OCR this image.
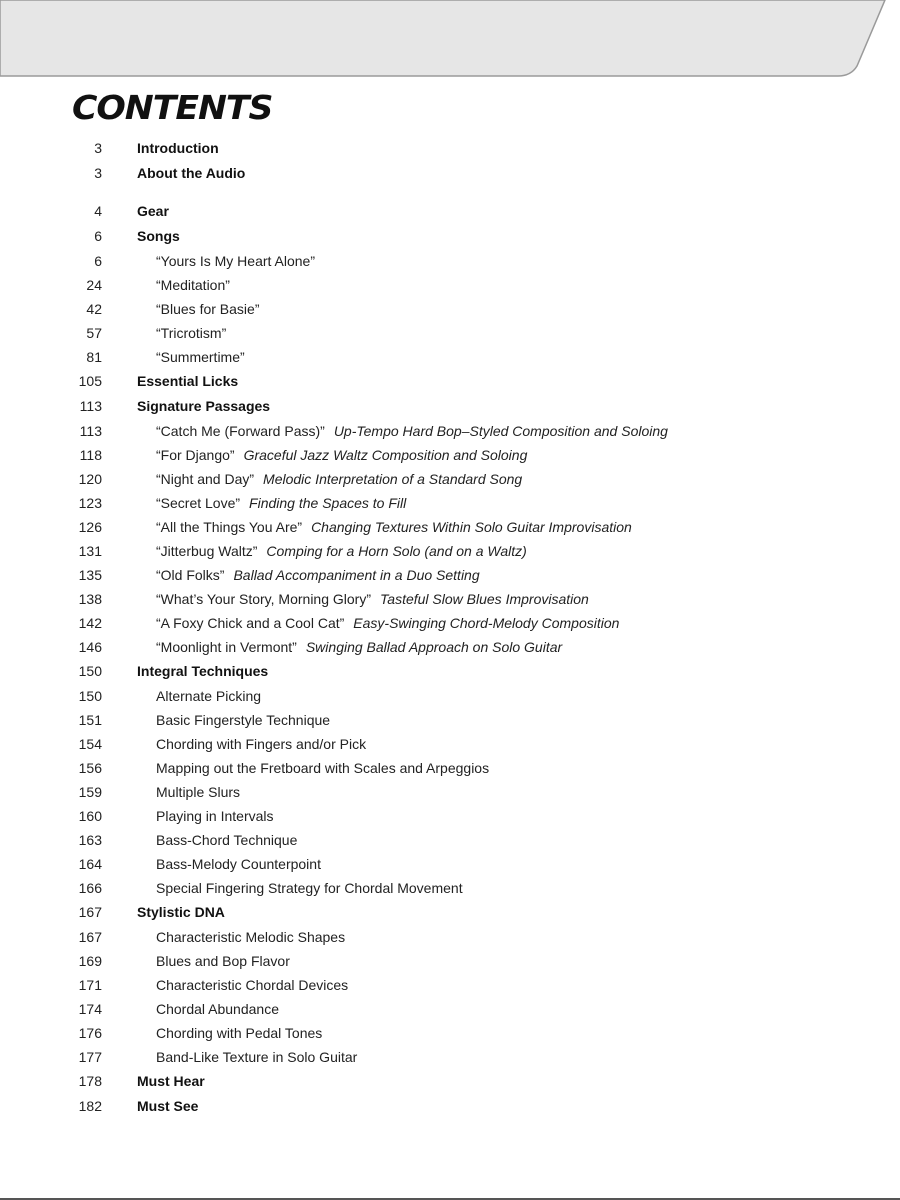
CONTENTS
3	Introduction
3	About the Audio
4	Gear
6	Songs
6	“Yours Is My Heart Alone”
24	“Meditation”
42	“Blues for Basie”
57	“Tricrotism”
81	“Summertime”
105	Essential Licks
113	Signature Passages
113	“Catch Me (Forward Pass)” Up-Tempo Hard Bop–Styled Composition and Soloing
118	“For Django” Graceful Jazz Waltz Composition and Soloing
120	“Night and Day” Melodic Interpretation of a Standard Song
123	“Secret Love” Finding the Spaces to Fill
126	“All the Things You Are” Changing Textures Within Solo Guitar Improvisation
131	“Jitterbug Waltz” Comping for a Horn Solo (and on a Waltz)
135	“Old Folks” Ballad Accompaniment in a Duo Setting
138	“What’s Your Story, Morning Glory” Tasteful Slow Blues Improvisation
142	“A Foxy Chick and a Cool Cat” Easy-Swinging Chord-Melody Composition
146	“Moonlight in Vermont” Swinging Ballad Approach on Solo Guitar
150	Integral Techniques
150	Alternate Picking
151	Basic Fingerstyle Technique
154	Chording with Fingers and/or Pick
156	Mapping out the Fretboard with Scales and Arpeggios
159	Multiple Slurs
160	Playing in Intervals
163	Bass-Chord Technique
164	Bass-Melody Counterpoint
166	Special Fingering Strategy for Chordal Movement
167	Stylistic DNA
167	Characteristic Melodic Shapes
169	Blues and Bop Flavor
171	Characteristic Chordal Devices
174	Chordal Abundance
176	Chording with Pedal Tones
177	Band-Like Texture in Solo Guitar
178	Must Hear
182	Must See
